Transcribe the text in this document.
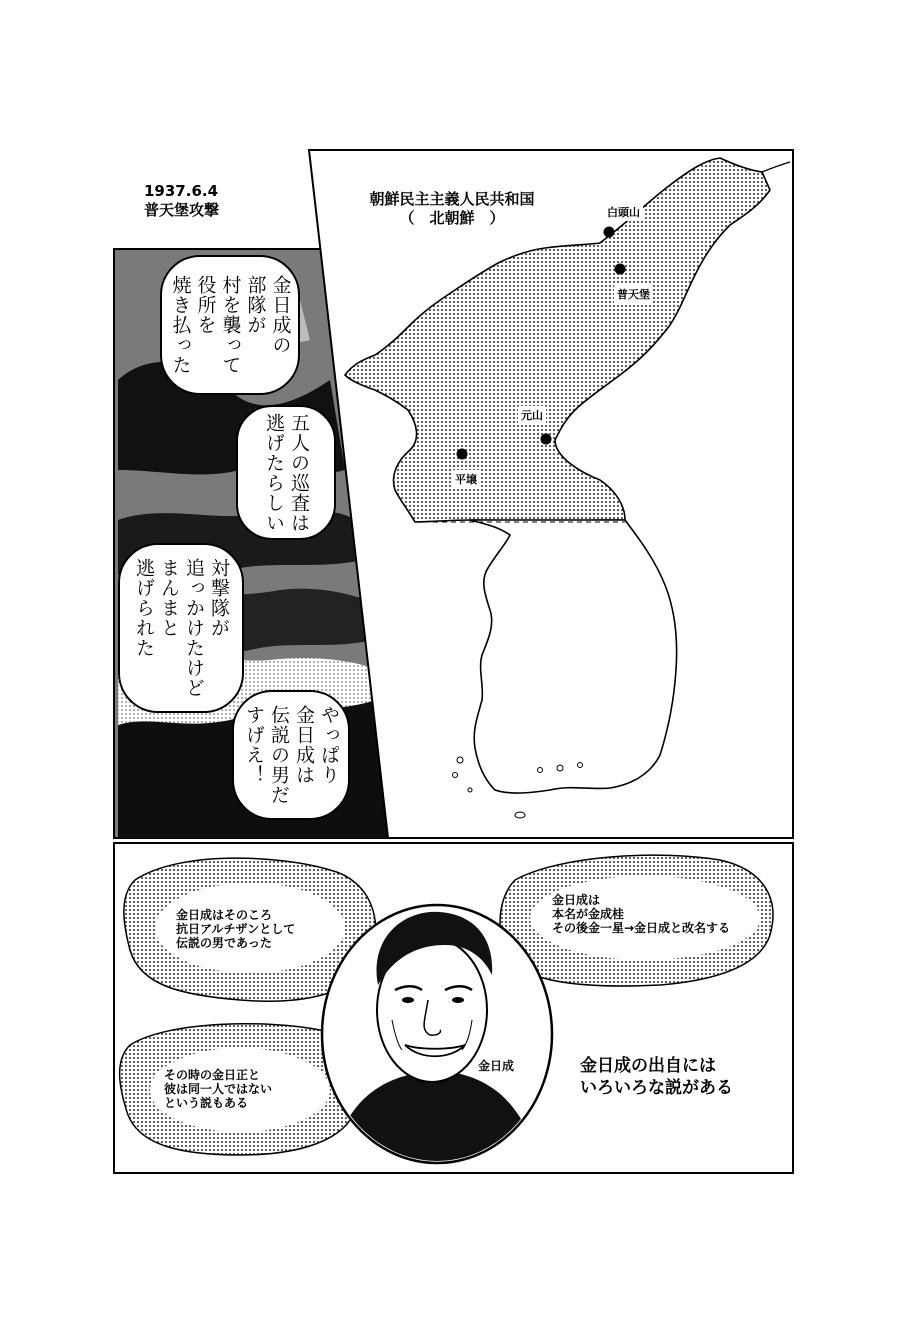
1937.6.4
普天堡攻撃
朝鮮民主主義人民共和国
（　北朝鮮　）	白頭山
普天堡
元山
平壌
金日成の
部隊が
村を襲って
役所を
焼き払った
五人の巡査は
逃げたらしい
対撃隊が
追っかけたけど
まんまと
逃げられた
やっぱり
金日成は
伝説の男だ
すげえ！
金日成はそのころ
抗日アルチザンとして
伝説の男であった
金日成は
本名が金成桂
その後金一星→金日成と改名する
その時の金日正と
彼は同一人ではない
という説もある
金日成	金日成の出自には
いろいろな説がある
